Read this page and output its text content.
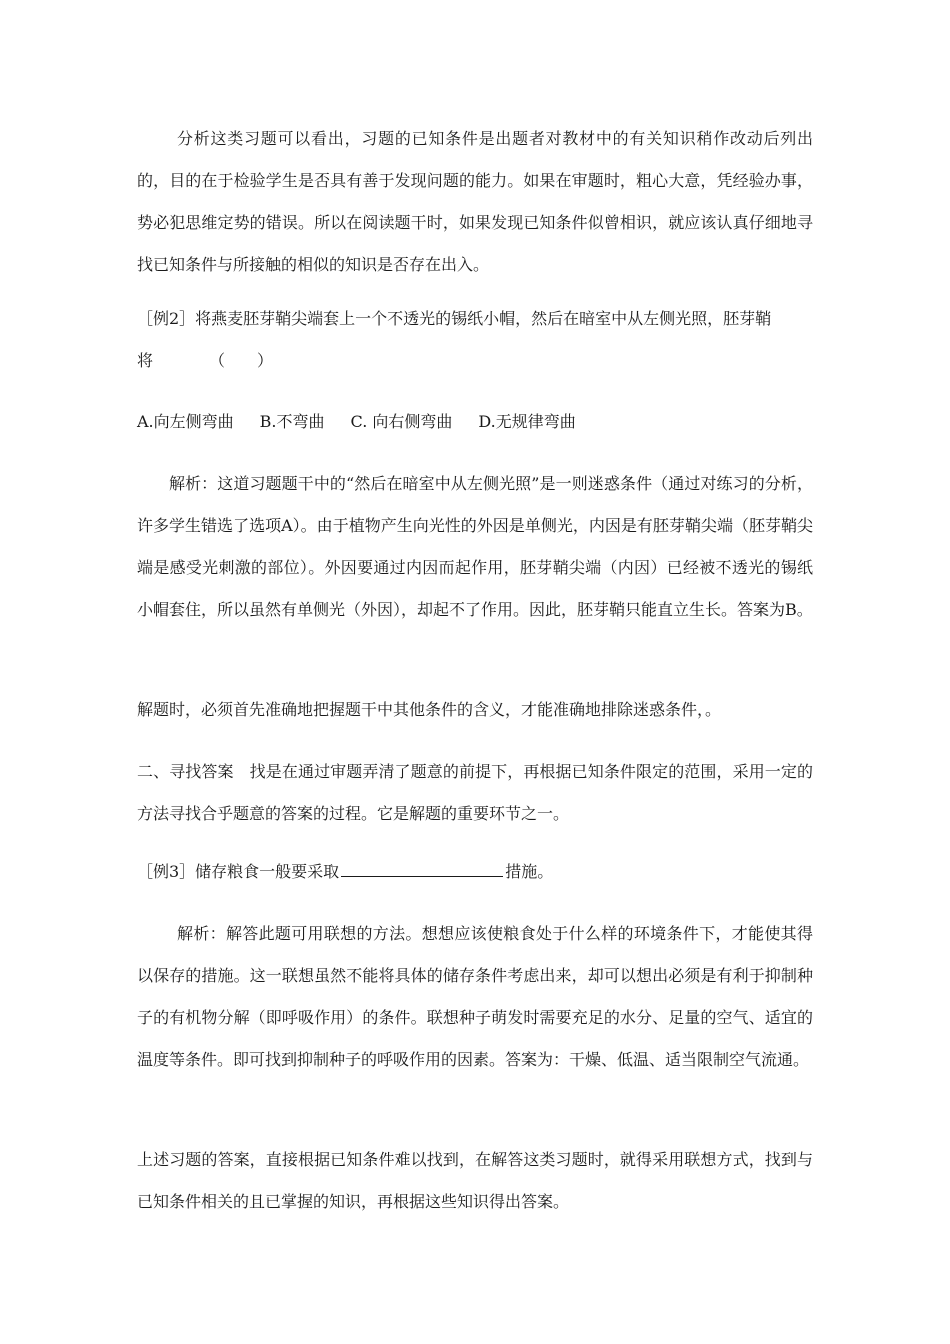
分析这类习题可以看出，习题的已知条件是出题者对教材中的有关知识稍作改动后列出的，目的在于检验学生是否具有善于发现问题的能力。如果在审题时，粗心大意，凭经验办事，势必犯思维定势的错误。所以在阅读题干时，如果发现已知条件似曾相识，就应该认真仔细地寻找已知条件与所接触的相似的知识是否存在出入。

［例2］将燕麦胚芽鞘尖端套上一个不透光的锡纸小帽，然后在暗室中从左侧光照，胚芽鞘

将	（　　）

A.向左侧弯曲 B.不弯曲 C. 向右侧弯曲 D.无规律弯曲

解析：这道习题题干中的“然后在暗室中从左侧光照”是一则迷惑条件（通过对练习的分析，许多学生错选了选项A）。由于植物产生向光性的外因是单侧光，内因是有胚芽鞘尖端（胚芽鞘尖端是感受光刺激的部位）。外因要通过内因而起作用，胚芽鞘尖端（内因）已经被不透光的锡纸小帽套住，所以虽然有单侧光（外因），却起不了作用。因此，胚芽鞘只能直立生长。答案为B。

解题时，必须首先准确地把握题干中其他条件的含义，才能准确地排除迷惑条件，。

二、寻找答案　找是在通过审题弄清了题意的前提下，再根据已知条件限定的范围，采用一定的方法寻找合乎题意的答案的过程。它是解题的重要环节之一。

［例3］储存粮食一般要采取	措施。

解析：解答此题可用联想的方法。想想应该使粮食处于什么样的环境条件下，才能使其得以保存的措施。这一联想虽然不能将具体的储存条件考虑出来，却可以想出必须是有利于抑制种子的有机物分解（即呼吸作用）的条件。联想种子萌发时需要充足的水分、足量的空气、适宜的温度等条件。即可找到抑制种子的呼吸作用的因素。答案为：干燥、低温、适当限制空气流通。

上述习题的答案，直接根据已知条件难以找到，在解答这类习题时，就得采用联想方式，找到与已知条件相关的且已掌握的知识，再根据这些知识得出答案。
